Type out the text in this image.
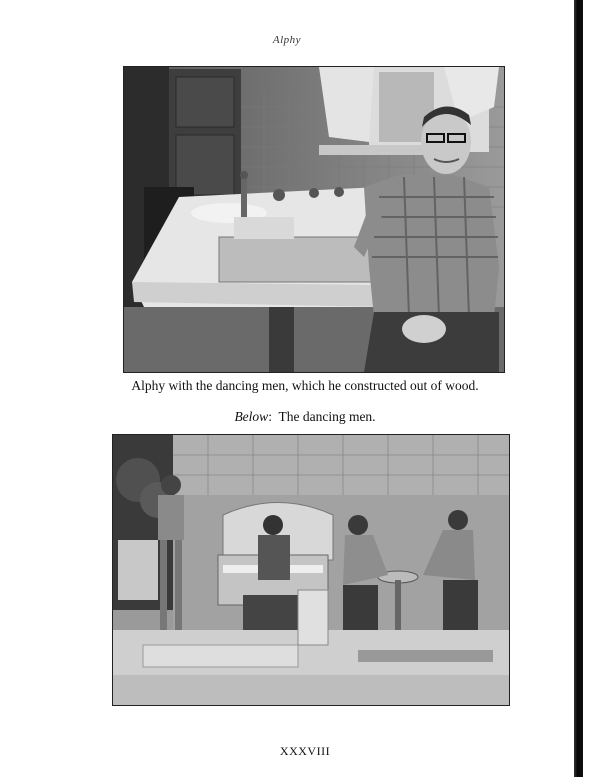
Alphy
Alphy with the dancing men, which he constructed out of wood.
Below: The dancing men.
XXXVIII
